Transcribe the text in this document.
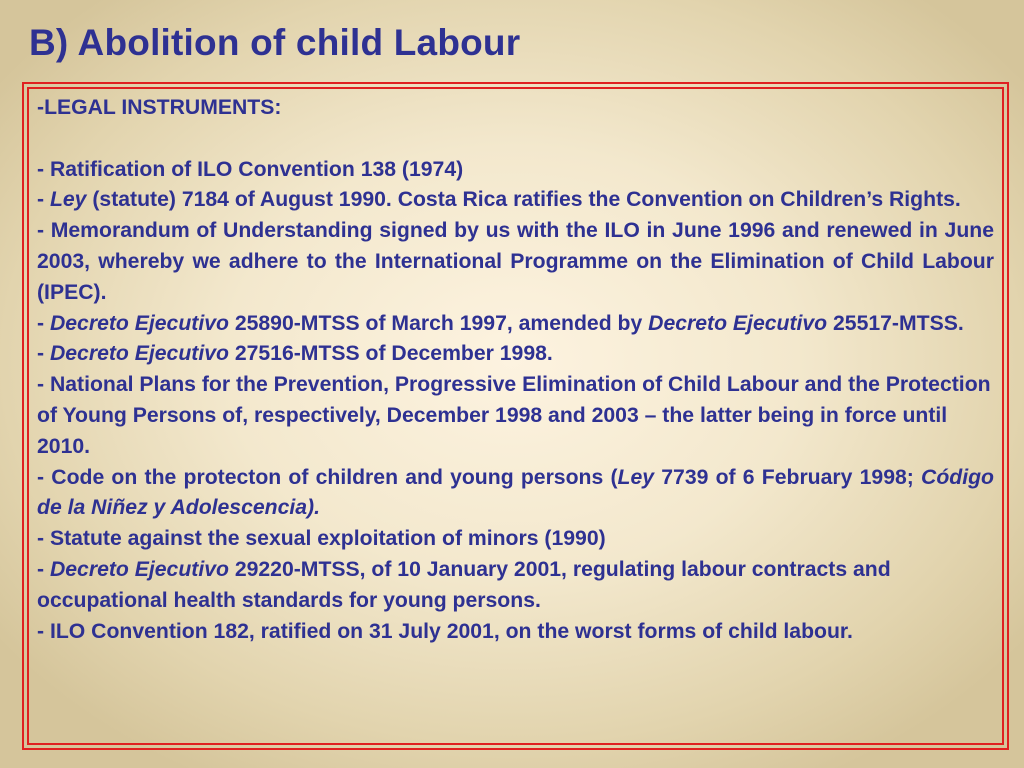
B) Abolition of child Labour

-LEGAL INSTRUMENTS:

- Ratification of ILO Convention 138 (1974)

- Ley (statute) 7184 of August 1990. Costa Rica ratifies the Convention on Children’s Rights.

- Memorandum of Understanding signed by us with the ILO in June 1996 and renewed in June 2003, whereby we adhere to the International Programme on the Elimination of Child Labour (IPEC).

- Decreto Ejecutivo 25890-MTSS of March 1997, amended by Decreto Ejecutivo 25517-MTSS.

- Decreto Ejecutivo 27516-MTSS of December 1998.

- National Plans for the Prevention, Progressive Elimination of Child Labour and the Protection of Young Persons of, respectively, December 1998 and 2003 – the latter being in force until 2010.

- Code on the protecton of children and young persons (Ley 7739 of 6 February 1998; Código de la Niñez y Adolescencia).

- Statute against the sexual exploitation of minors (1990)

- Decreto Ejecutivo 29220-MTSS, of 10 January 2001, regulating labour contracts and occupational health standards for young persons.

- ILO Convention 182, ratified on 31 July 2001, on the worst forms of child labour.
